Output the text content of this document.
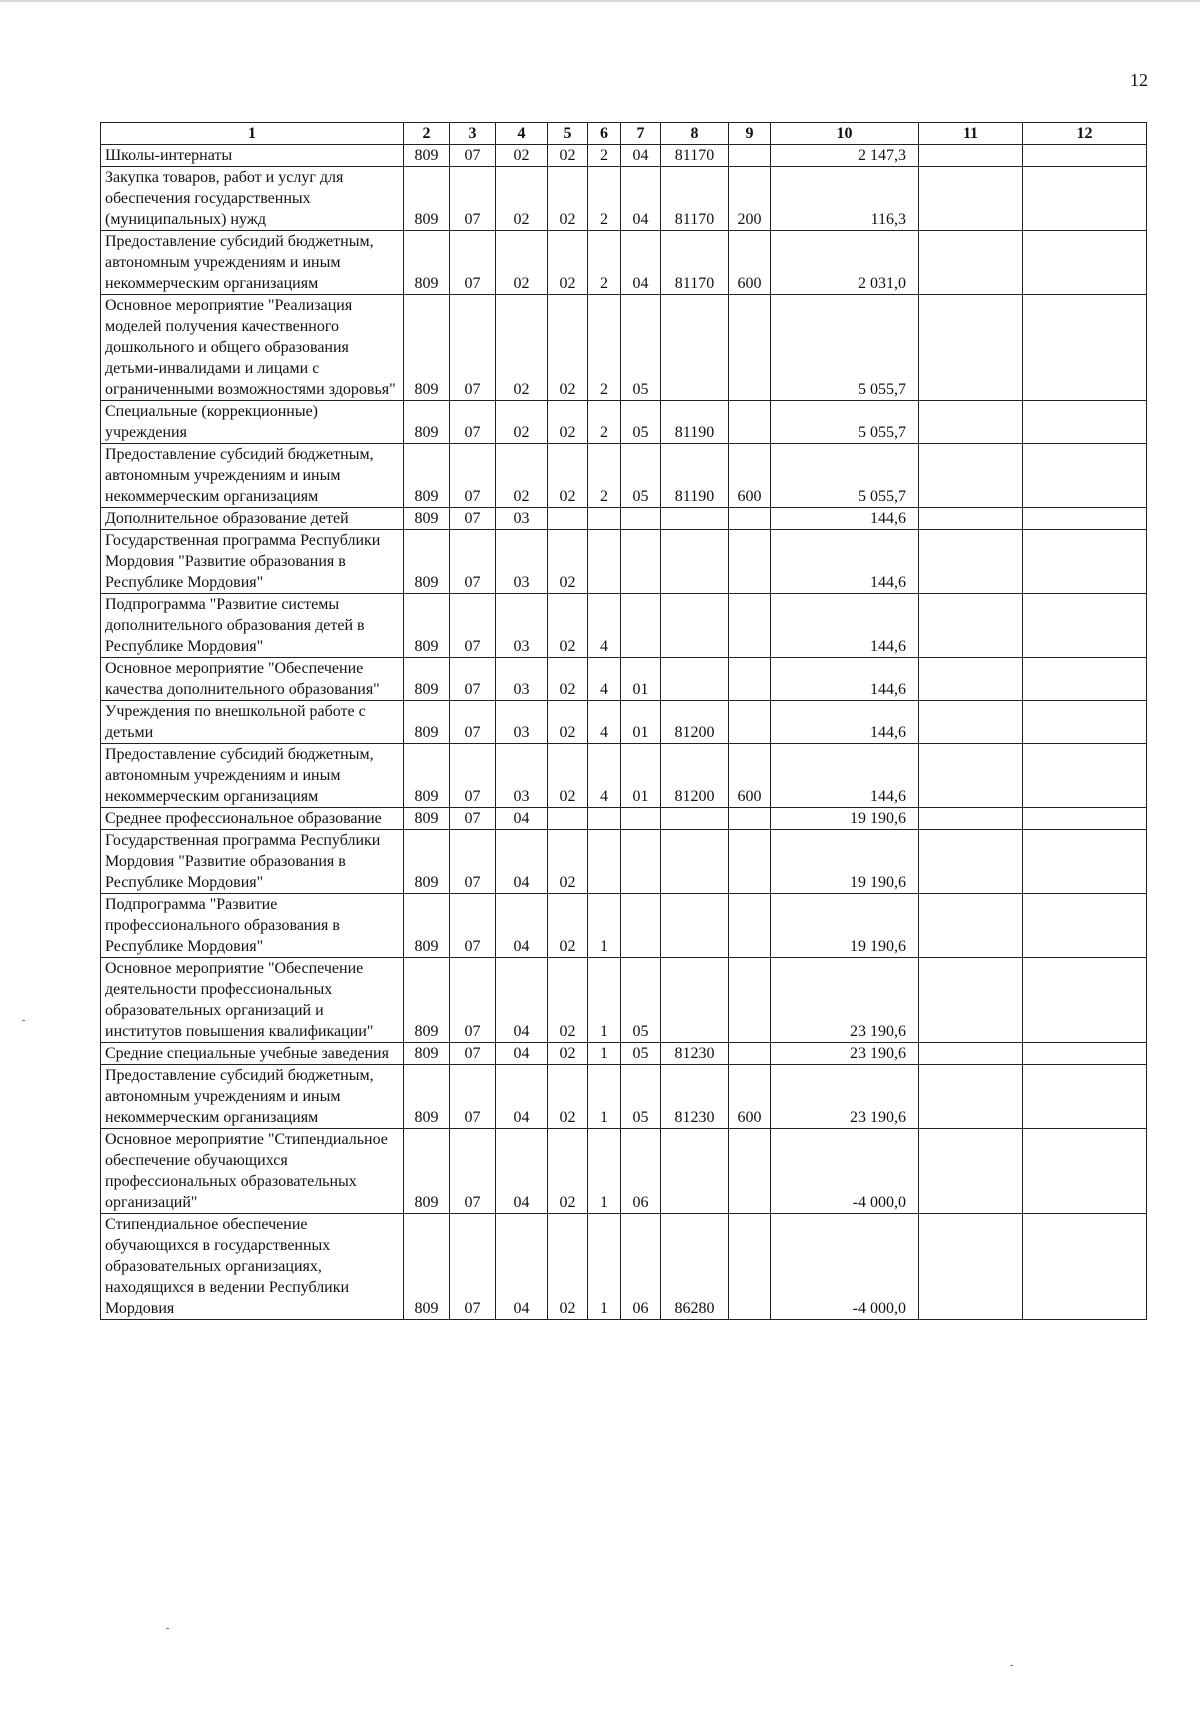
12
1	2	3	4	5	6	7	8	9	10	11	12
Школы-интернаты	809	07	02	02	2	04	81170		2 147,3		
Закупка товаров, работ и услуг для обеспечения государственных (муниципальных) нужд	809	07	02	02	2	04	81170	200	116,3		
Предоставление субсидий бюджетным, автономным учреждениям и иным некоммерческим организациям	809	07	02	02	2	04	81170	600	2 031,0		
Основное мероприятие "Реализация моделей получения качественного дошкольного и общего образования детьми-инвалидами и лицами с ограниченными возможностями здоровья"	809	07	02	02	2	05			5 055,7		
Специальные (коррекционные) учреждения	809	07	02	02	2	05	81190		5 055,7		
Предоставление субсидий бюджетным, автономным учреждениям и иным некоммерческим организациям	809	07	02	02	2	05	81190	600	5 055,7		
Дополнительное образование детей	809	07	03						144,6		
Государственная программа Республики Мордовия "Развитие образования в Республике Мордовия"	809	07	03	02					144,6		
Подпрограмма "Развитие системы дополнительного образования детей в Республике Мордовия"	809	07	03	02	4				144,6		
Основное мероприятие "Обеспечение качества дополнительного образования"	809	07	03	02	4	01			144,6		
Учреждения по внешкольной работе с детьми	809	07	03	02	4	01	81200		144,6		
Предоставление субсидий бюджетным, автономным учреждениям и иным некоммерческим организациям	809	07	03	02	4	01	81200	600	144,6		
Среднее профессиональное образование	809	07	04						19 190,6		
Государственная программа Республики Мордовия "Развитие образования в Республике Мордовия"	809	07	04	02					19 190,6		
Подпрограмма "Развитие профессионального образования в Республике Мордовия"	809	07	04	02	1				19 190,6		
Основное мероприятие "Обеспечение деятельности профессиональных образовательных организаций и институтов повышения квалификации"	809	07	04	02	1	05			23 190,6		
Средние специальные учебные заведения	809	07	04	02	1	05	81230		23 190,6		
Предоставление субсидий бюджетным, автономным учреждениям и иным некоммерческим организациям	809	07	04	02	1	05	81230	600	23 190,6		
Основное мероприятие "Стипендиальное обеспечение обучающихся профессиональных образовательных организаций"	809	07	04	02	1	06			-4 000,0		
Стипендиальное обеспечение обучающихся в государственных образовательных организациях, находящихся в ведении Республики Мордовия	809	07	04	02	1	06	86280		-4 000,0		
